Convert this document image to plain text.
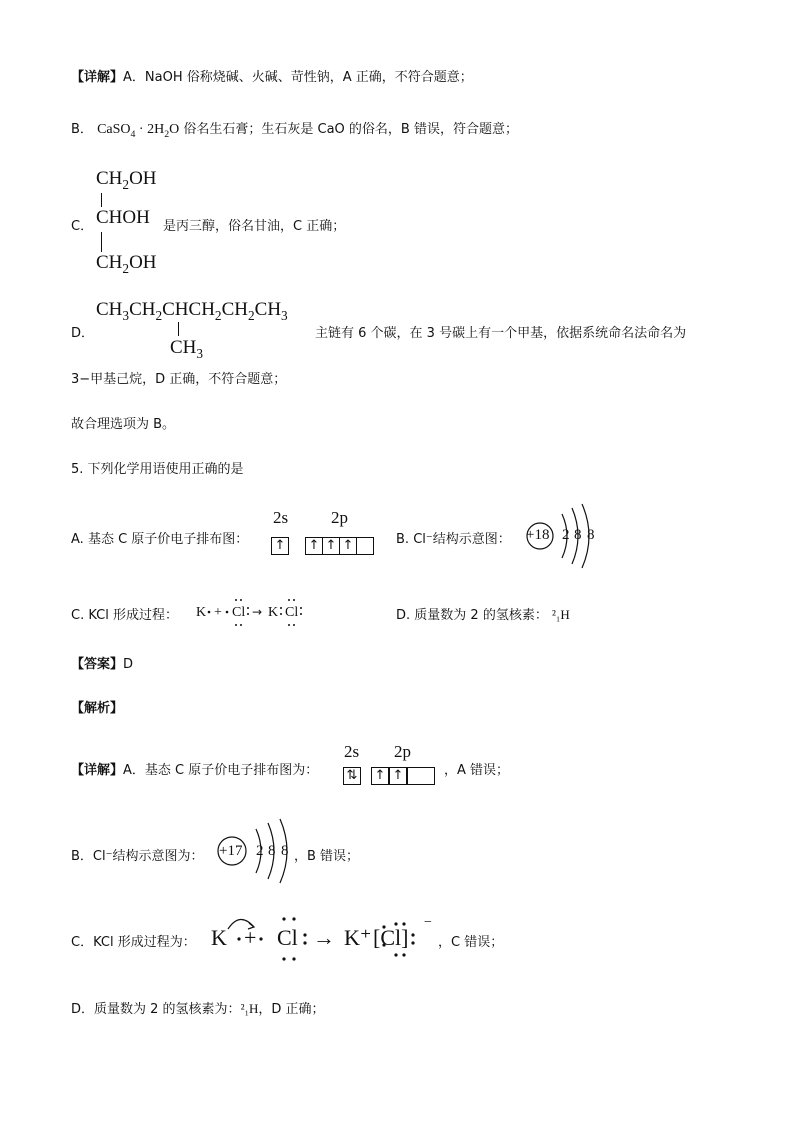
【详解】A．NaOH 俗称烧碱、火碱、苛性钠，A 正确，不符合题意；
B． CaSO$_4$ · $2H_2O$ 俗名生石膏；生石灰是 CaO 的俗名，B 错误，符合题意；
$CH_2OH$
C． CHOH
$CH_2OH$
是丙三醇，俗名甘油，C 正确；
D．
$CH_3CH_2CHCH_2CH_2CH_3$
$CH_3$
主链有 6 个碳，在 3 号碳上有一个甲基，依据系统命名法命名为
3−甲基己烷，D 正确，不符合题意；
故合理选项为 B。
5. 下列化学用语使用正确的是
A. 基态 C 原子价电子排布图：
2s	2p
↑ ↑ ↑ ↑	B. Cl⁻结构示意图： +18 2 8 8
C. KCl 形成过程： K + Cl → K Cl	D. 质量数为 2 的氢核素： ²₁H
【答案】D
【解析】
【详解】A．基态 C 原子价电子排布图为：
2s 2p
⇅ ↑ ↑	，A 错误；
B．Cl⁻结构示意图为： +17 2 8 8 ，B 错误；
C．KCl 形成过程为： K + Cl → K⁺ [Cl]
−
，C 错误；
D．质量数为 2 的氢核素为：²₁H，D 正确；
